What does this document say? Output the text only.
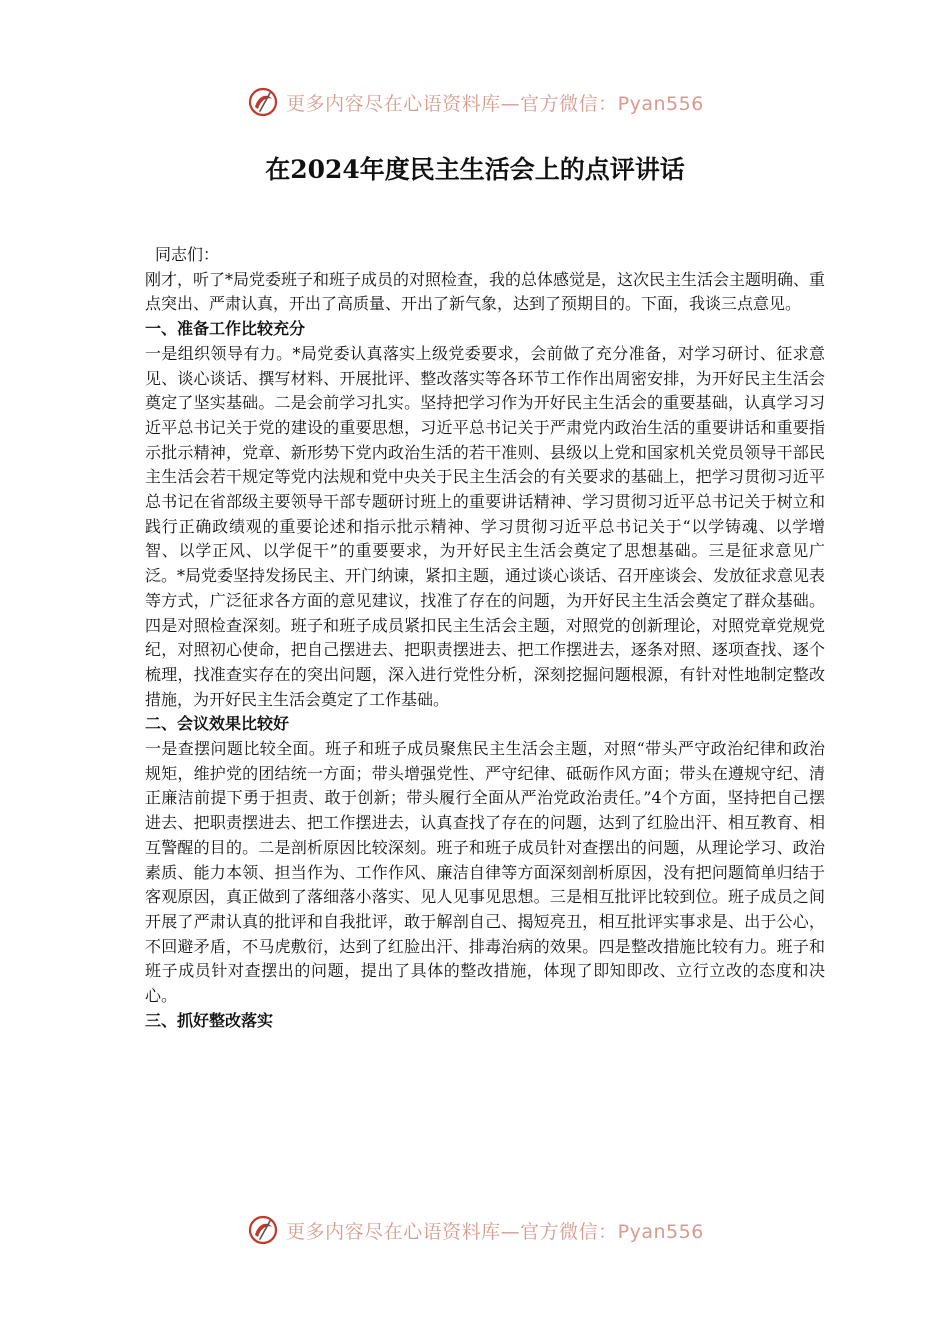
更多内容尽在心语资料库—官方微信：Pyan556
在2024年度民主生活会上的点评讲话

同志们：

刚才，听了*局党委班子和班子成员的对照检查，我的总体感觉是，这次民主生活会主题明确、重点突出、严肃认真，开出了高质量、开出了新气象，达到了预期目的。下面，我谈三点意见。

一、准备工作比较充分

一是组织领导有力。*局党委认真落实上级党委要求，会前做了充分准备，对学习研讨、征求意见、谈心谈话、撰写材料、开展批评、整改落实等各环节工作作出周密安排，为开好民主生活会奠定了坚实基础。二是会前学习扎实。坚持把学习作为开好民主生活会的重要基础，认真学习习近平总书记关于党的建设的重要思想，习近平总书记关于严肃党内政治生活的重要讲话和重要指示批示精神，党章、新形势下党内政治生活的若干准则、县级以上党和国家机关党员领导干部民主生活会若干规定等党内法规和党中央关于民主生活会的有关要求的基础上，把学习贯彻习近平总书记在省部级主要领导干部专题研讨班上的重要讲话精神、学习贯彻习近平总书记关于树立和践行正确政绩观的重要论述和指示批示精神、学习贯彻习近平总书记关于“以学铸魂、以学增智、以学正风、以学促干”的重要要求，为开好民主生活会奠定了思想基础。三是征求意见广泛。*局党委坚持发扬民主、开门纳谏，紧扣主题，通过谈心谈话、召开座谈会、发放征求意见表等方式，广泛征求各方面的意见建议，找准了存在的问题，为开好民主生活会奠定了群众基础。四是对照检查深刻。班子和班子成员紧扣民主生活会主题，对照党的创新理论，对照党章党规党纪，对照初心使命，把自己摆进去、把职责摆进去、把工作摆进去，逐条对照、逐项查找、逐个梳理，找准查实存在的突出问题，深入进行党性分析，深刻挖掘问题根源，有针对性地制定整改措施，为开好民主生活会奠定了工作基础。

二、会议效果比较好

一是查摆问题比较全面。班子和班子成员聚焦民主生活会主题，对照“带头严守政治纪律和政治规矩，维护党的团结统一方面；带头增强党性、严守纪律、砥砺作风方面；带头在遵规守纪、清正廉洁前提下勇于担责、敢于创新；带头履行全面从严治党政治责任。”4个方面，坚持把自己摆进去、把职责摆进去、把工作摆进去，认真查找了存在的问题，达到了红脸出汗、相互教育、相互警醒的目的。二是剖析原因比较深刻。班子和班子成员针对查摆出的问题，从理论学习、政治素质、能力本领、担当作为、工作作风、廉洁自律等方面深刻剖析原因，没有把问题简单归结于客观原因，真正做到了落细落小落实、见人见事见思想。三是相互批评比较到位。班子成员之间开展了严肃认真的批评和自我批评，敢于解剖自己、揭短亮丑，相互批评实事求是、出于公心，不回避矛盾，不马虎敷衍，达到了红脸出汗、排毒治病的效果。四是整改措施比较有力。班子和班子成员针对查摆出的问题，提出了具体的整改措施，体现了即知即改、立行立改的态度和决心。

三、抓好整改落实
更多内容尽在心语资料库—官方微信：Pyan556
